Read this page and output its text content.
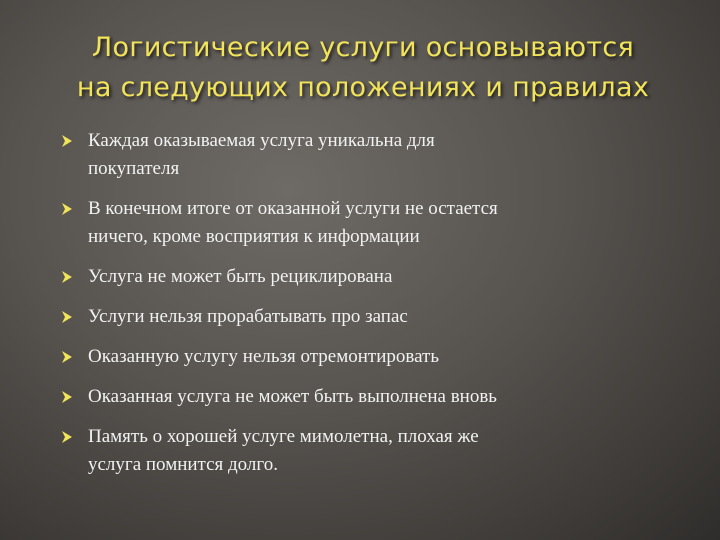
Логистические услуги основываются
на следующих положениях и правилах
Каждая оказываемая услуга уникальна для
покупателя
В конечном итоге от оказанной услуги не остается
ничего, кроме восприятия к информации
Услуга не может быть рециклирована
Услуги нельзя прорабатывать про запас
Оказанную услугу нельзя отремонтировать
Оказанная услуга не может быть выполнена вновь
Память о хорошей услуге мимолетна, плохая же
услуга помнится долго.
